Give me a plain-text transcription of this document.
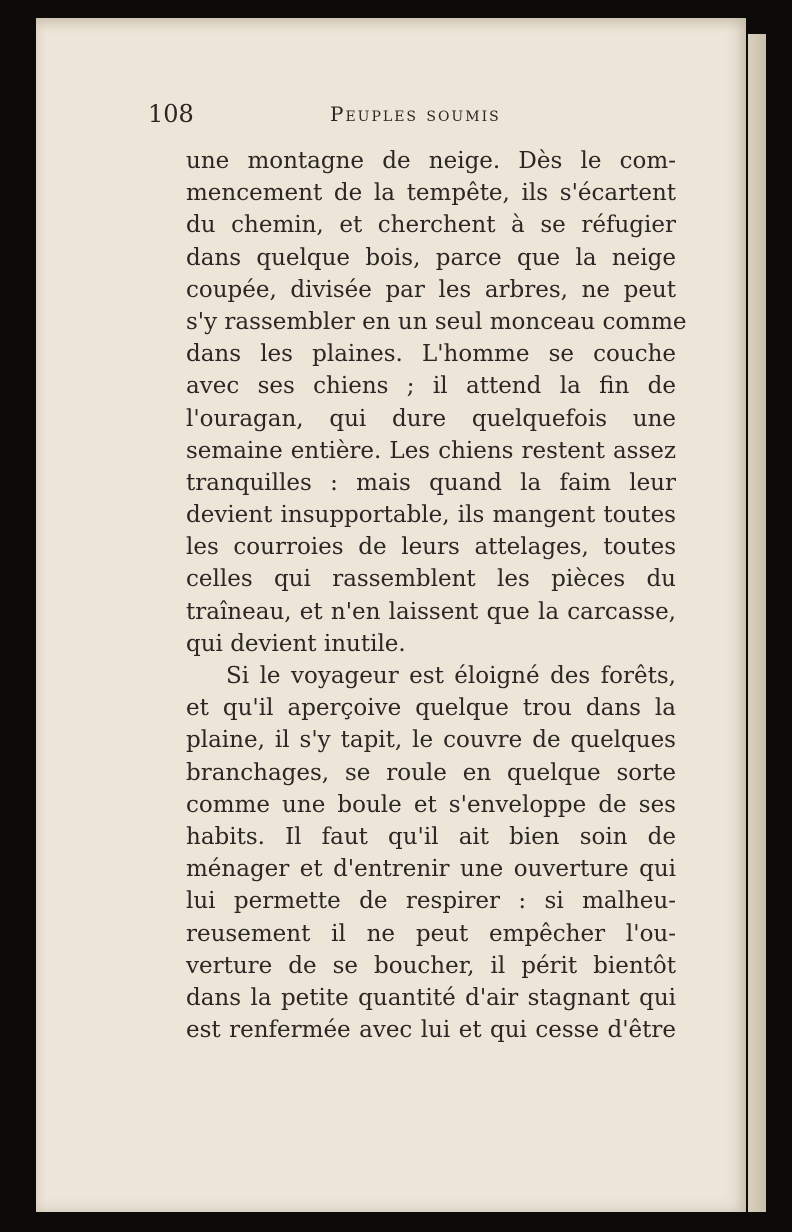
108	Peuples soumis
une montagne de neige. Dès le com-
mencement de la tempête, ils s'écartent
du chemin, et cherchent à se réfugier
dans quelque bois, parce que la neige
coupée, divisée par les arbres, ne peut
s'y rassembler en un seul monceau comme
dans les plaines. L'homme se couche
avec ses chiens ; il attend la fin de
l'ouragan, qui dure quelquefois une
semaine entière. Les chiens restent assez
tranquilles : mais quand la faim leur
devient insupportable, ils mangent toutes
les courroies de leurs attelages, toutes
celles qui rassemblent les pièces du
traîneau, et n'en laissent que la carcasse,
qui devient inutile.
Si le voyageur est éloigné des forêts,
et qu'il aperçoive quelque trou dans la
plaine, il s'y tapit, le couvre de quelques
branchages, se roule en quelque sorte
comme une boule et s'enveloppe de ses
habits. Il faut qu'il ait bien soin de
ménager et d'entrenir une ouverture qui
lui permette de respirer : si malheu-
reusement il ne peut empêcher l'ou-
verture de se boucher, il périt bientôt
dans la petite quantité d'air stagnant qui
est renfermée avec lui et qui cesse d'être
